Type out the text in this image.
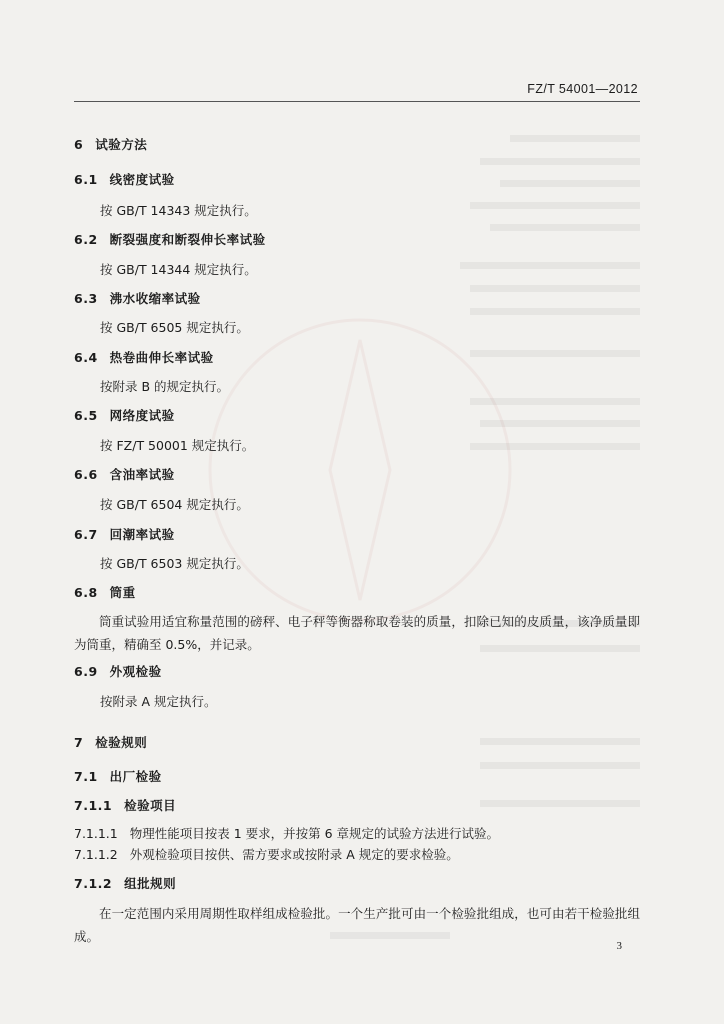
FZ/T 54001—2012
6 试验方法
6.1 线密度试验
按 GB/T 14343 规定执行。
6.2 断裂强度和断裂伸长率试验
按 GB/T 14344 规定执行。
6.3 沸水收缩率试验
按 GB/T 6505 规定执行。
6.4 热卷曲伸长率试验
按附录 B 的规定执行。
6.5 网络度试验
按 FZ/T 50001 规定执行。
6.6 含油率试验
按 GB/T 6504 规定执行。
6.7 回潮率试验
按 GB/T 6503 规定执行。
6.8 筒重
筒重试验用适宜称量范围的磅秤、电子秤等衡器称取卷装的质量，扣除已知的皮质量，该净质量即为筒重，精确至 0.5%，并记录。
6.9 外观检验
按附录 A 规定执行。
7 检验规则
7.1 出厂检验
7.1.1 检验项目
7.1.1.1 物理性能项目按表 1 要求，并按第 6 章规定的试验方法进行试验。
7.1.1.2 外观检验项目按供、需方要求或按附录 A 规定的要求检验。
7.1.2 组批规则
在一定范围内采用周期性取样组成检验批。一个生产批可由一个检验批组成，也可由若干检验批组成。
3
